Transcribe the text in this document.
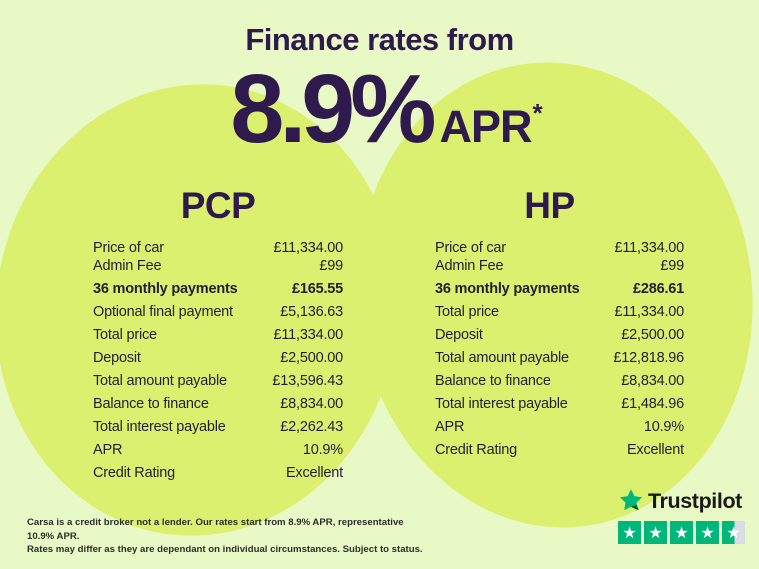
Finance rates from
8.9% APR*
PCP
Price of car	£11,334.00
Admin Fee	£99
36 monthly payments	£165.55
Optional final payment	£5,136.63
Total price	£11,334.00
Deposit	£2,500.00
Total amount payable	£13,596.43
Balance to finance	£8,834.00
Total interest payable	£2,262.43
APR	10.9%
Credit Rating	Excellent
HP
Price of car	£11,334.00
Admin Fee	£99
36 monthly payments	£286.61
Total price	£11,334.00
Deposit	£2,500.00
Total amount payable	£12,818.96
Balance to finance	£8,834.00
Total interest payable	£1,484.96
APR	10.9%
Credit Rating	Excellent
Carsa is a credit broker not a lender. Our rates start from 8.9% APR, representative 10.9% APR.
Rates may differ as they are dependant on individual circumstances. Subject to status.
Trustpilot
★ ★ ★ ★ ★
